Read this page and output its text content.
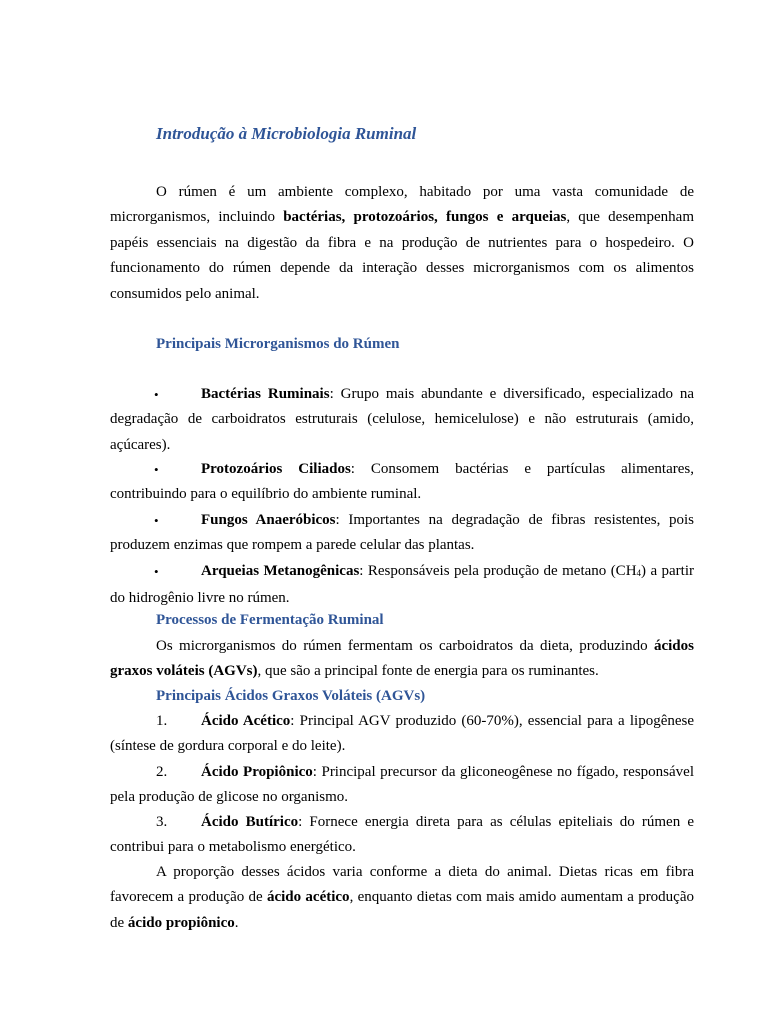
Introdução à Microbiologia Ruminal

O rúmen é um ambiente complexo, habitado por uma vasta comunidade de microrganismos, incluindo bactérias, protozoários, fungos e arqueias, que desempenham papéis essenciais na digestão da fibra e na produção de nutrientes para o hospedeiro. O funcionamento do rúmen depende da interação desses microrganismos com os alimentos consumidos pelo animal.

Principais Microrganismos do Rúmen

•	Bactérias Ruminais: Grupo mais abundante e diversificado, especializado na degradação de carboidratos estruturais (celulose, hemicelulose) e não estruturais (amido, açúcares).

•	Protozoários Ciliados: Consomem bactérias e partículas alimentares, contribuindo para o equilíbrio do ambiente ruminal.

•	Fungos Anaeróbicos: Importantes na degradação de fibras resistentes, pois produzem enzimas que rompem a parede celular das plantas.

•	Arqueias Metanogênicas: Responsáveis pela produção de metano $(CH_4)$ a partir do hidrogênio livre no rúmen.

Processos de Fermentação Ruminal

Os microrganismos do rúmen fermentam os carboidratos da dieta, produzindo ácidos graxos voláteis (AGVs), que são a principal fonte de energia para os ruminantes.

Principais Ácidos Graxos Voláteis (AGVs)

1.	Ácido Acético: Principal AGV produzido (60-70%), essencial para a lipogênese (síntese de gordura corporal e do leite).

2.	Ácido Propiônico: Principal precursor da gliconeogênese no fígado, responsável pela produção de glicose no organismo.

3.	Ácido Butírico: Fornece energia direta para as células epiteliais do rúmen e contribui para o metabolismo energético.

A proporção desses ácidos varia conforme a dieta do animal. Dietas ricas em fibra favorecem a produção de ácido acético, enquanto dietas com mais amido aumentam a produção de ácido propiônico.
